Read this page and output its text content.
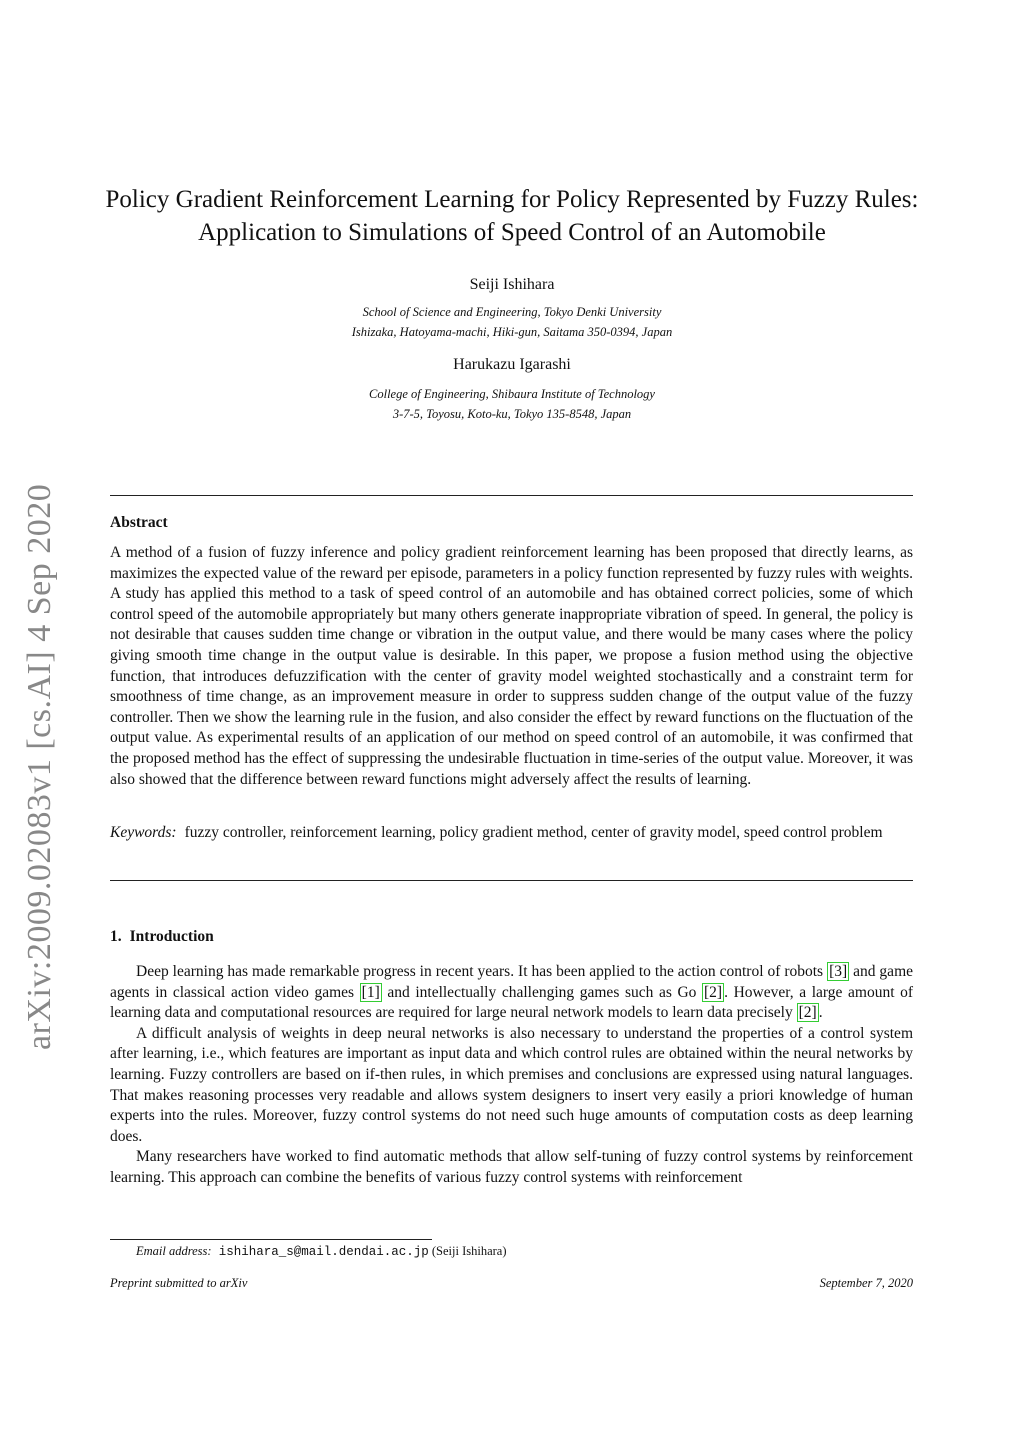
arXiv:2009.02083v1 [cs.AI] 4 Sep 2020
Policy Gradient Reinforcement Learning for Policy Represented by Fuzzy Rules:
Application to Simulations of Speed Control of an Automobile
Seiji Ishihara
School of Science and Engineering, Tokyo Denki University
Ishizaka, Hatoyama-machi, Hiki-gun, Saitama 350-0394, Japan
Harukazu Igarashi
College of Engineering, Shibaura Institute of Technology
3-7-5, Toyosu, Koto-ku, Tokyo 135-8548, Japan
Abstract
A method of a fusion of fuzzy inference and policy gradient reinforcement learning has been proposed that directly learns, as maximizes the expected value of the reward per episode, parameters in a policy function represented by fuzzy rules with weights. A study has applied this method to a task of speed control of an automobile and has obtained correct policies, some of which control speed of the automobile appropriately but many others generate inappropriate vibration of speed. In general, the policy is not desirable that causes sudden time change or vibration in the output value, and there would be many cases where the policy giving smooth time change in the output value is desirable. In this paper, we propose a fusion method using the objective function, that introduces defuzzification with the center of gravity model weighted stochastically and a constraint term for smoothness of time change, as an improvement measure in order to suppress sudden change of the output value of the fuzzy controller. Then we show the learning rule in the fusion, and also consider the effect by reward functions on the fluctuation of the output value. As experimental results of an application of our method on speed control of an automobile, it was confirmed that the proposed method has the effect of suppressing the undesirable fluctuation in time-series of the output value. Moreover, it was also showed that the difference between reward functions might adversely affect the results of learning.
Keywords: fuzzy controller, reinforcement learning, policy gradient method, center of gravity model, speed control problem
1. Introduction

Deep learning has made remarkable progress in recent years. It has been applied to the action control of robots [3] and game agents in classical action video games [1] and intellectually challenging games such as Go [2] . However, a large amount of learning data and computational resources are required for large neural network models to learn data precisely [2] .

A difficult analysis of weights in deep neural networks is also necessary to understand the properties of a control system after learning, i.e., which features are important as input data and which control rules are obtained within the neural networks by learning. Fuzzy controllers are based on if-then rules, in which premises and conclusions are expressed using natural languages. That makes reasoning processes very readable and allows system designers to insert very easily a priori knowledge of human experts into the rules. Moreover, fuzzy control systems do not need such huge amounts of computation costs as deep learning does.

Many researchers have worked to find automatic methods that allow self-tuning of fuzzy control systems by reinforcement learning. This approach can combine the benefits of various fuzzy control systems with reinforcement

Email address: ishihara_s@mail.dendai.ac.jp (Seiji Ishihara)
Preprint submitted to arXiv	September 7, 2020
